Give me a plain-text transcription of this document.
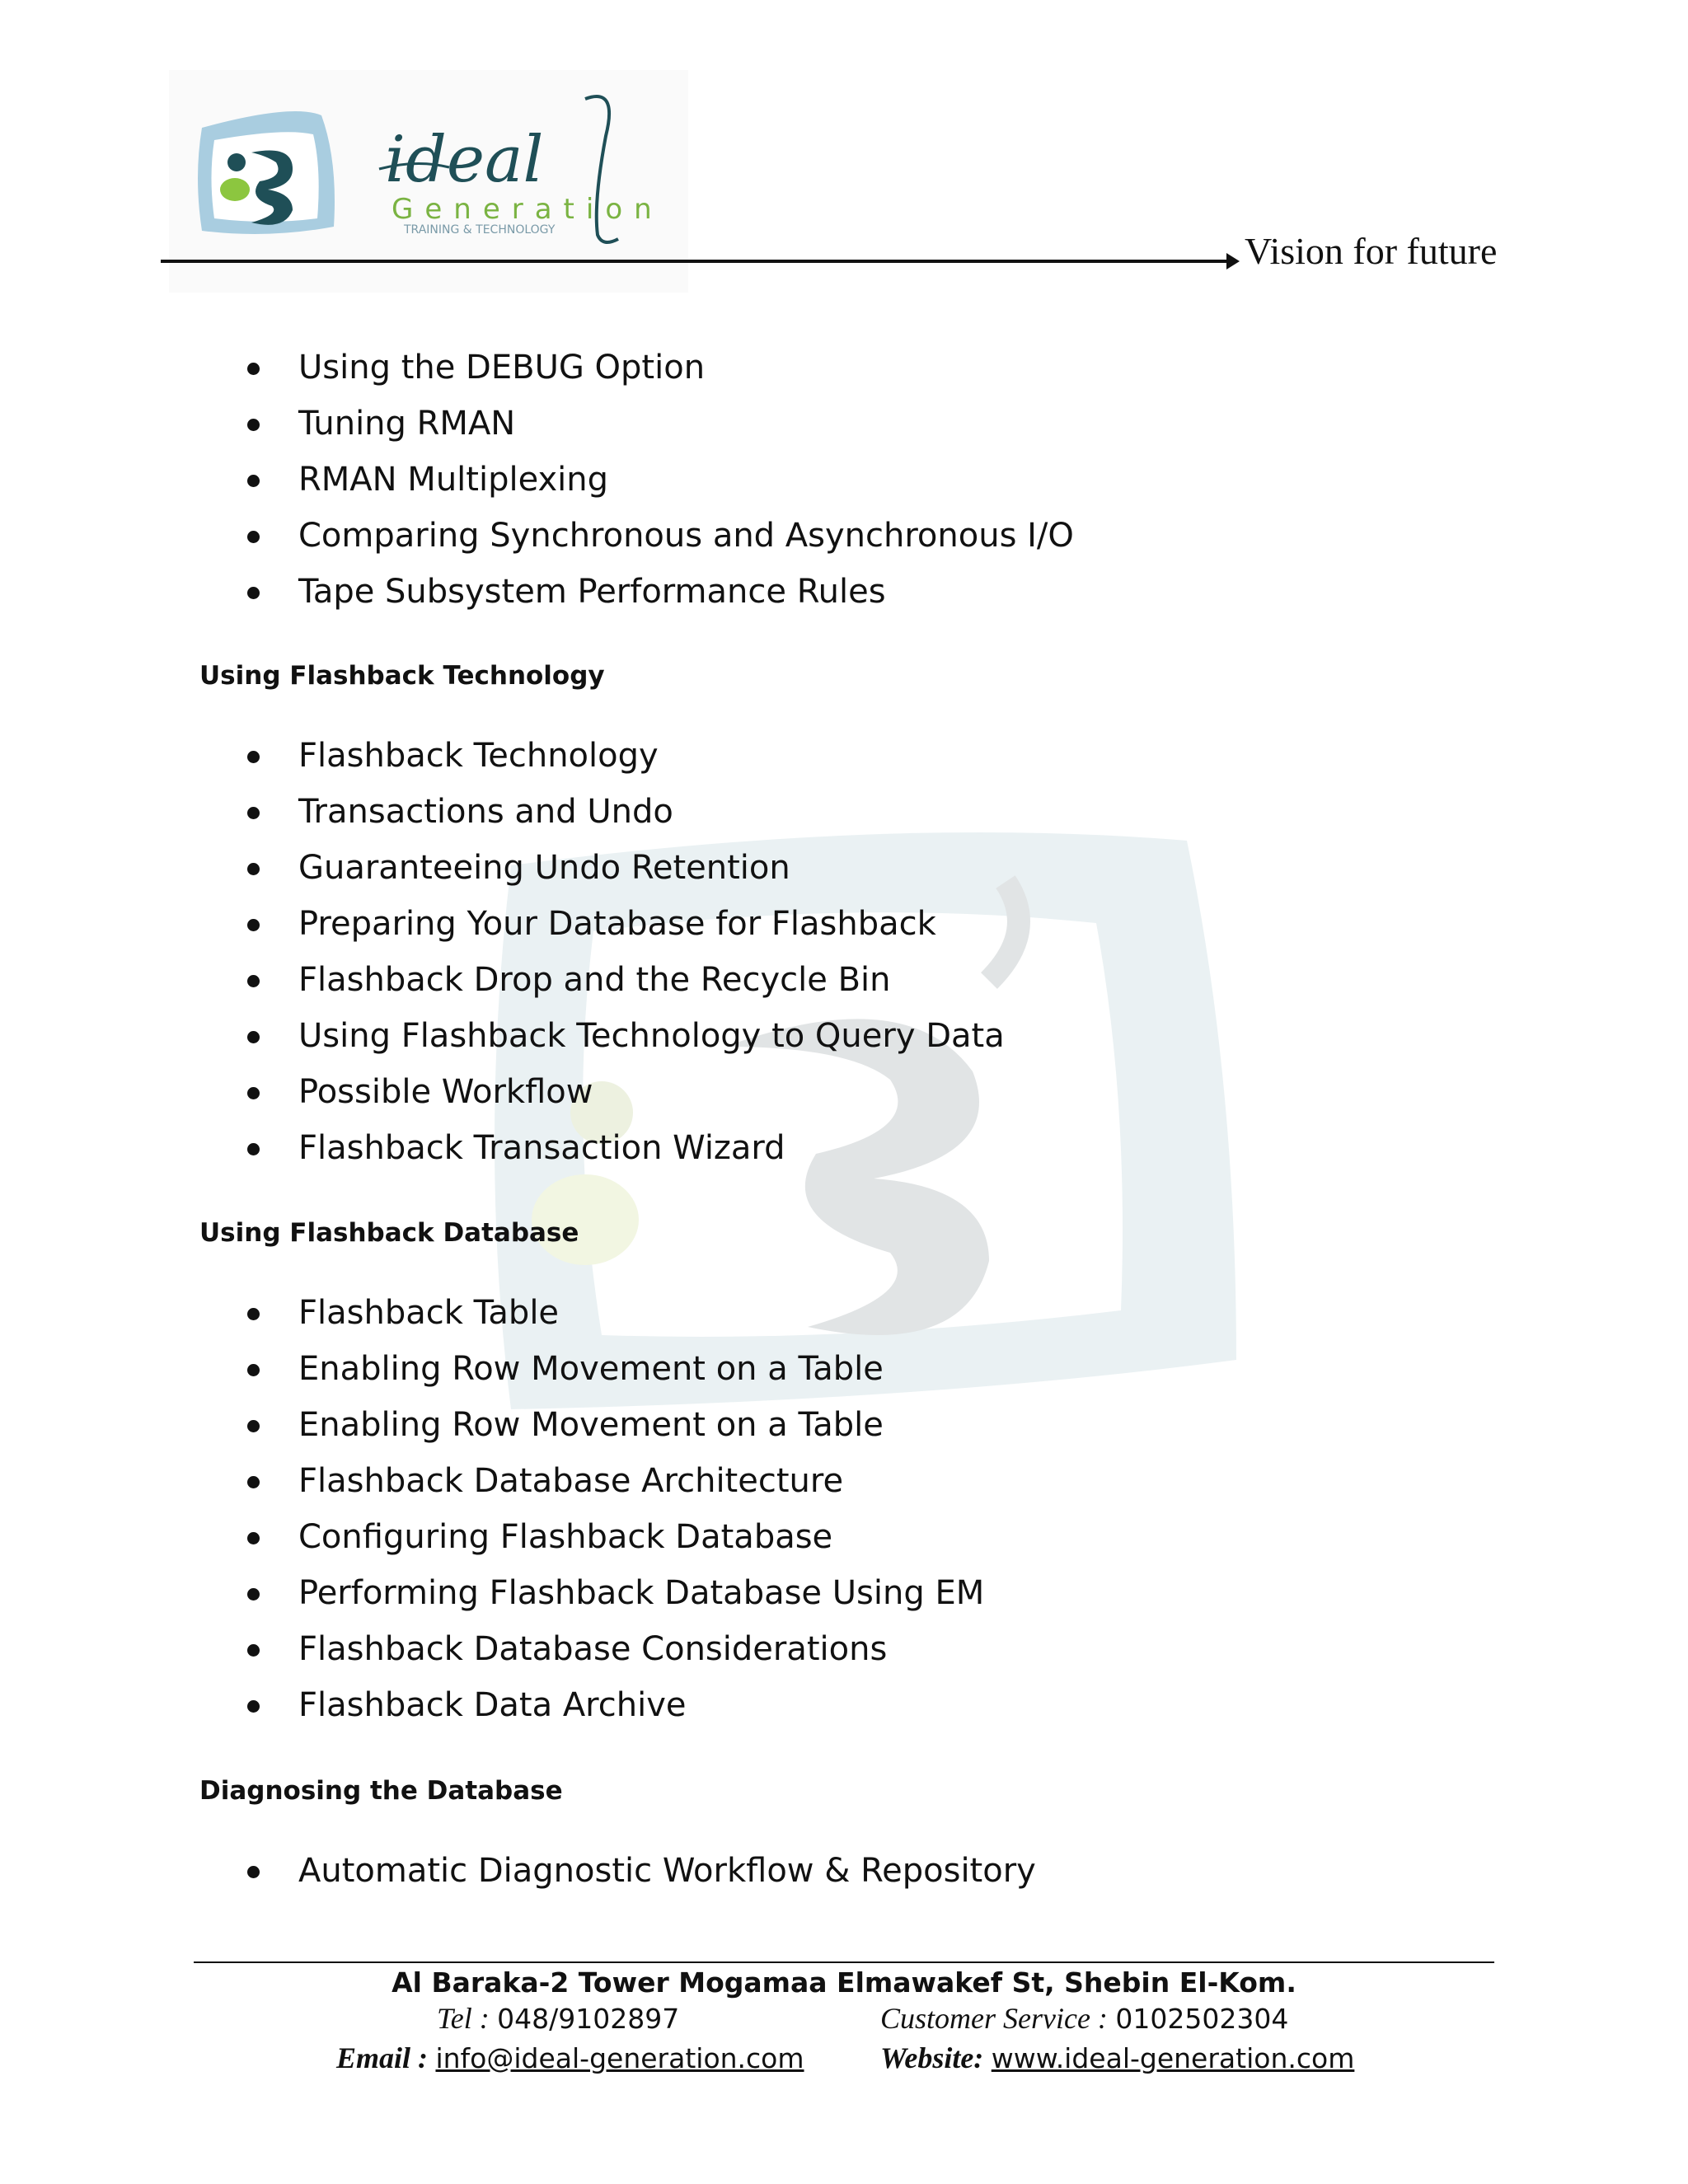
ideal
Generation
TRAINING & TECHNOLOGY	Vision for future
Using the DEBUG Option
Tuning RMAN
RMAN Multiplexing
Comparing Synchronous and Asynchronous I/O
Tape Subsystem Performance Rules
Using Flashback Technology
Flashback Technology
Transactions and Undo
Guaranteeing Undo Retention
Preparing Your Database for Flashback
Flashback Drop and the Recycle Bin
Using Flashback Technology to Query Data
Possible Workflow
Flashback Transaction Wizard
Using Flashback Database
Flashback Table
Enabling Row Movement on a Table
Enabling Row Movement on a Table
Flashback Database Architecture
Configuring Flashback Database
Performing Flashback Database Using EM
Flashback Database Considerations
Flashback Data Archive
Diagnosing the Database
Automatic Diagnostic Workflow & Repository
Al Baraka-2 Tower Mogamaa Elmawakef St, Shebin El-Kom.
Tel : 048/9102897	Customer Service : 0102502304
Email : info@ideal-generation.com	Website: www.ideal-generation.com
